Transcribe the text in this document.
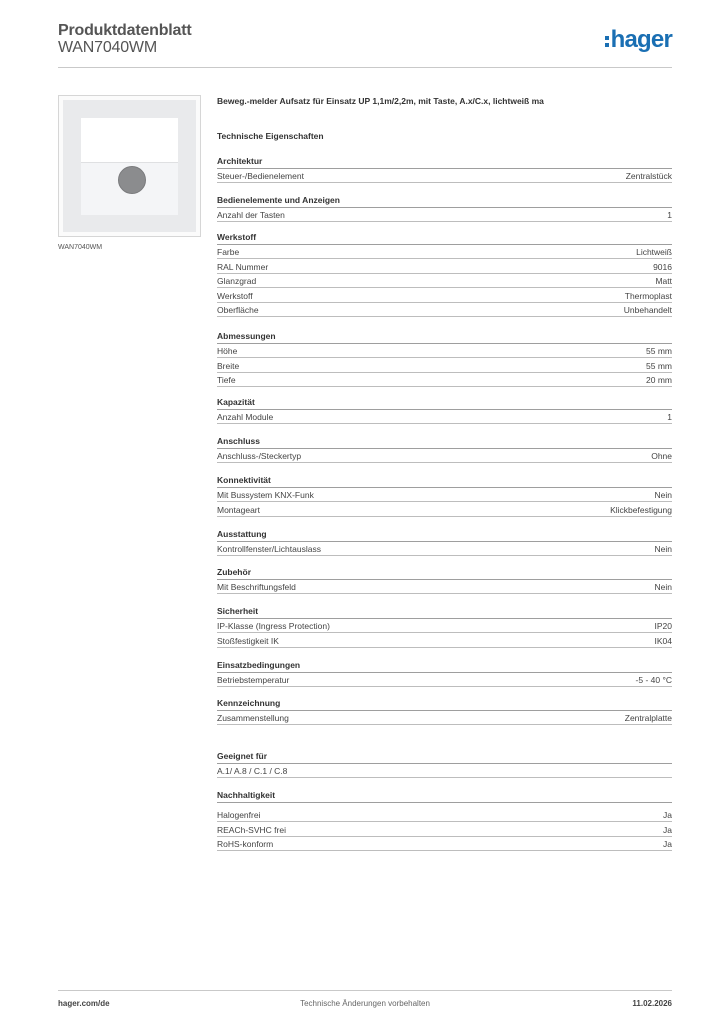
Produktdatenblatt
WAN7040WM	hager
WAN7040WM
Beweg.-melder Aufsatz für Einsatz UP 1,1m/2,2m, mit Taste, A.x/C.x, lichtweiß ma
Technische Eigenschaften
Architektur
Steuer-/Bedienelement	Zentralstück
Bedienelemente und Anzeigen
Anzahl der Tasten	1
Werkstoff
Farbe	Lichtweiß
RAL Nummer	9016
Glanzgrad	Matt
Werkstoff	Thermoplast
Oberfläche	Unbehandelt
Abmessungen
Höhe	55 mm
Breite	55 mm
Tiefe	20 mm
Kapazität
Anzahl Module	1
Anschluss
Anschluss-/Steckertyp	Ohne
Konnektivität
Mit Bussystem KNX-Funk	Nein
Montageart	Klickbefestigung
Ausstattung
Kontrollfenster/Lichtauslass	Nein
Zubehör
Mit Beschriftungsfeld	Nein
Sicherheit
IP-Klasse (Ingress Protection)	IP20
Stoßfestigkeit IK	IK04
Einsatzbedingungen
Betriebstemperatur	-5 - 40 °C
Kennzeichnung
Zusammenstellung	Zentralplatte
Geeignet für
A.1/ A.8 / C.1 / C.8
Nachhaltigkeit
Halogenfrei	Ja
REACh-SVHC frei	Ja
RoHS-konform	Ja
hager.com/de	Technische Änderungen vorbehalten	11.02.2026
